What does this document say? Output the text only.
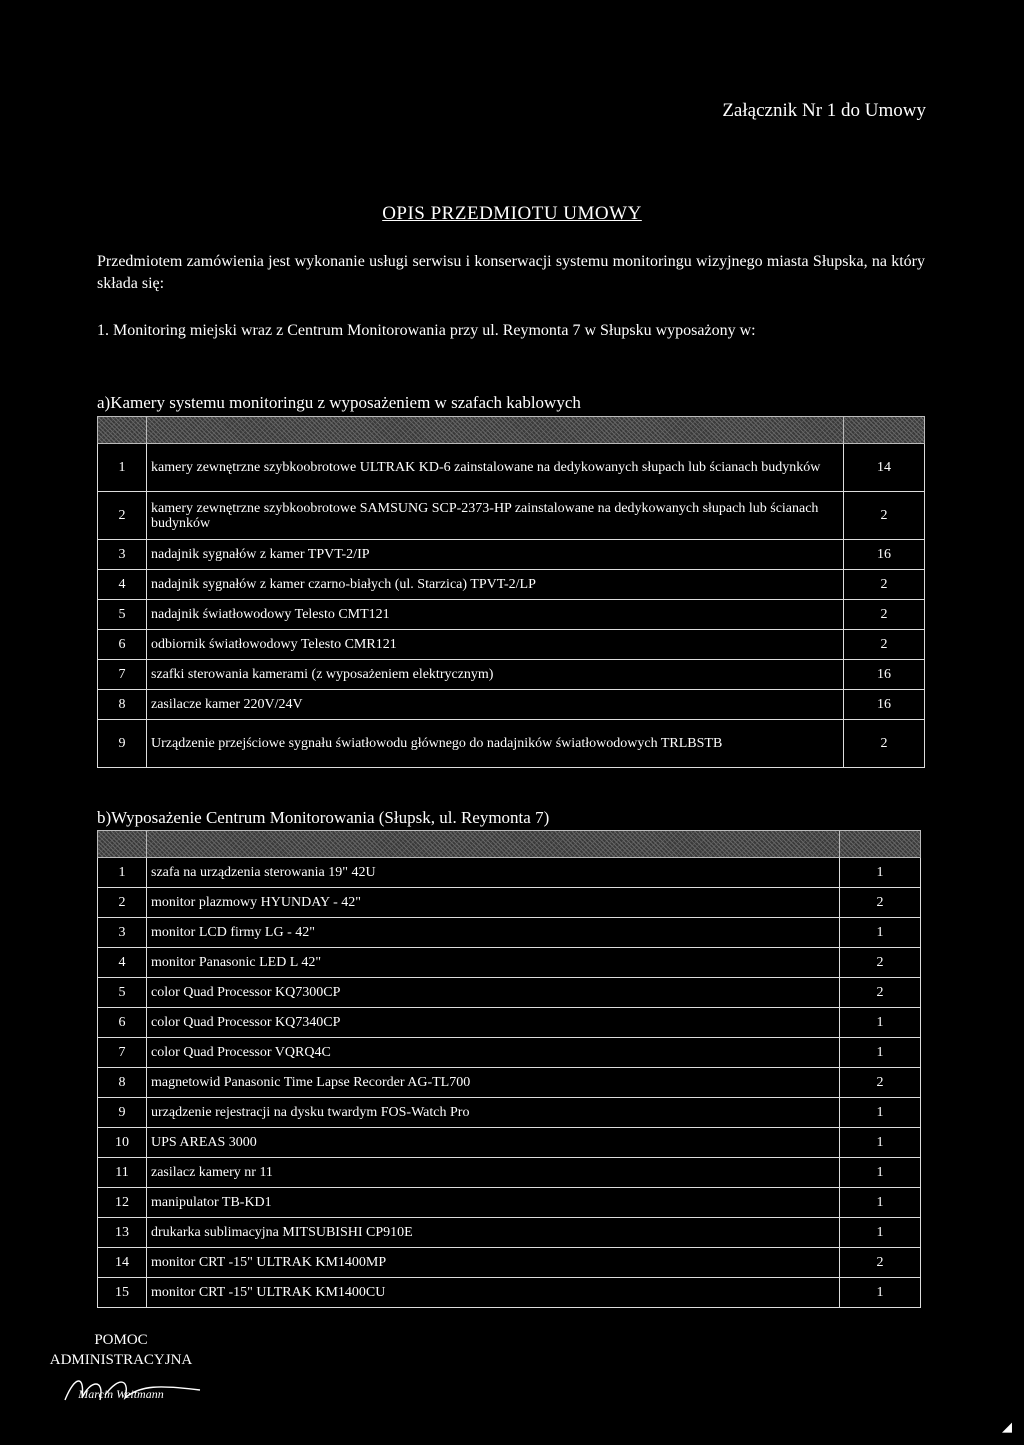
Załącznik Nr 1 do Umowy
OPIS PRZEDMIOTU UMOWY
Przedmiotem zamówienia jest wykonanie usługi serwisu i konserwacji systemu monitoringu wizyjnego miasta Słupska, na który składa się:
1. Monitoring miejski wraz z Centrum Monitorowania przy ul. Reymonta 7 w Słupsku wyposażony w:
a)Kamery systemu monitoringu z wyposażeniem w szafach kablowych

1	kamery zewnętrzne szybkoobrotowe ULTRAK KD-6 zainstalowane na dedykowanych słupach lub ścianach budynków	14
2	kamery zewnętrzne szybkoobrotowe SAMSUNG SCP-2373-HP zainstalowane na dedykowanych słupach lub ścianach budynków	2
3	nadajnik sygnałów z kamer TPVT-2/IP	16
4	nadajnik sygnałów z kamer czarno-białych (ul. Starzica) TPVT-2/LP	2
5	nadajnik światłowodowy Telesto CMT121	2
6	odbiornik światłowodowy Telesto CMR121	2
7	szafki sterowania kamerami (z wyposażeniem elektrycznym)	16
8	zasilacze kamer 220V/24V	16
9	Urządzenie przejściowe sygnału światłowodu głównego do nadajników światłowodowych TRLBSTB	2
b)Wyposażenie Centrum Monitorowania (Słupsk, ul. Reymonta 7)

1	szafa na urządzenia sterowania 19" 42U	1
2	monitor plazmowy HYUNDAY - 42"	2
3	monitor LCD firmy LG - 42"	1
4	monitor Panasonic LED L 42"	2
5	color Quad Processor KQ7300CP	2
6	color Quad Processor KQ7340CP	1
7	color Quad Processor VQRQ4C	1
8	magnetowid Panasonic Time Lapse Recorder AG-TL700	2
9	urządzenie rejestracji na dysku twardym FOS-Watch Pro	1
10	UPS AREAS 3000	1
11	zasilacz kamery nr 11	1
12	manipulator TB-KD1	1
13	drukarka sublimacyjna MITSUBISHI CP910E	1
14	monitor CRT -15" ULTRAK KM1400MP	2
15	monitor CRT -15" ULTRAK KM1400CU	1
POMOC
ADMINISTRACYJNA
Marcin Weitmann
◢
